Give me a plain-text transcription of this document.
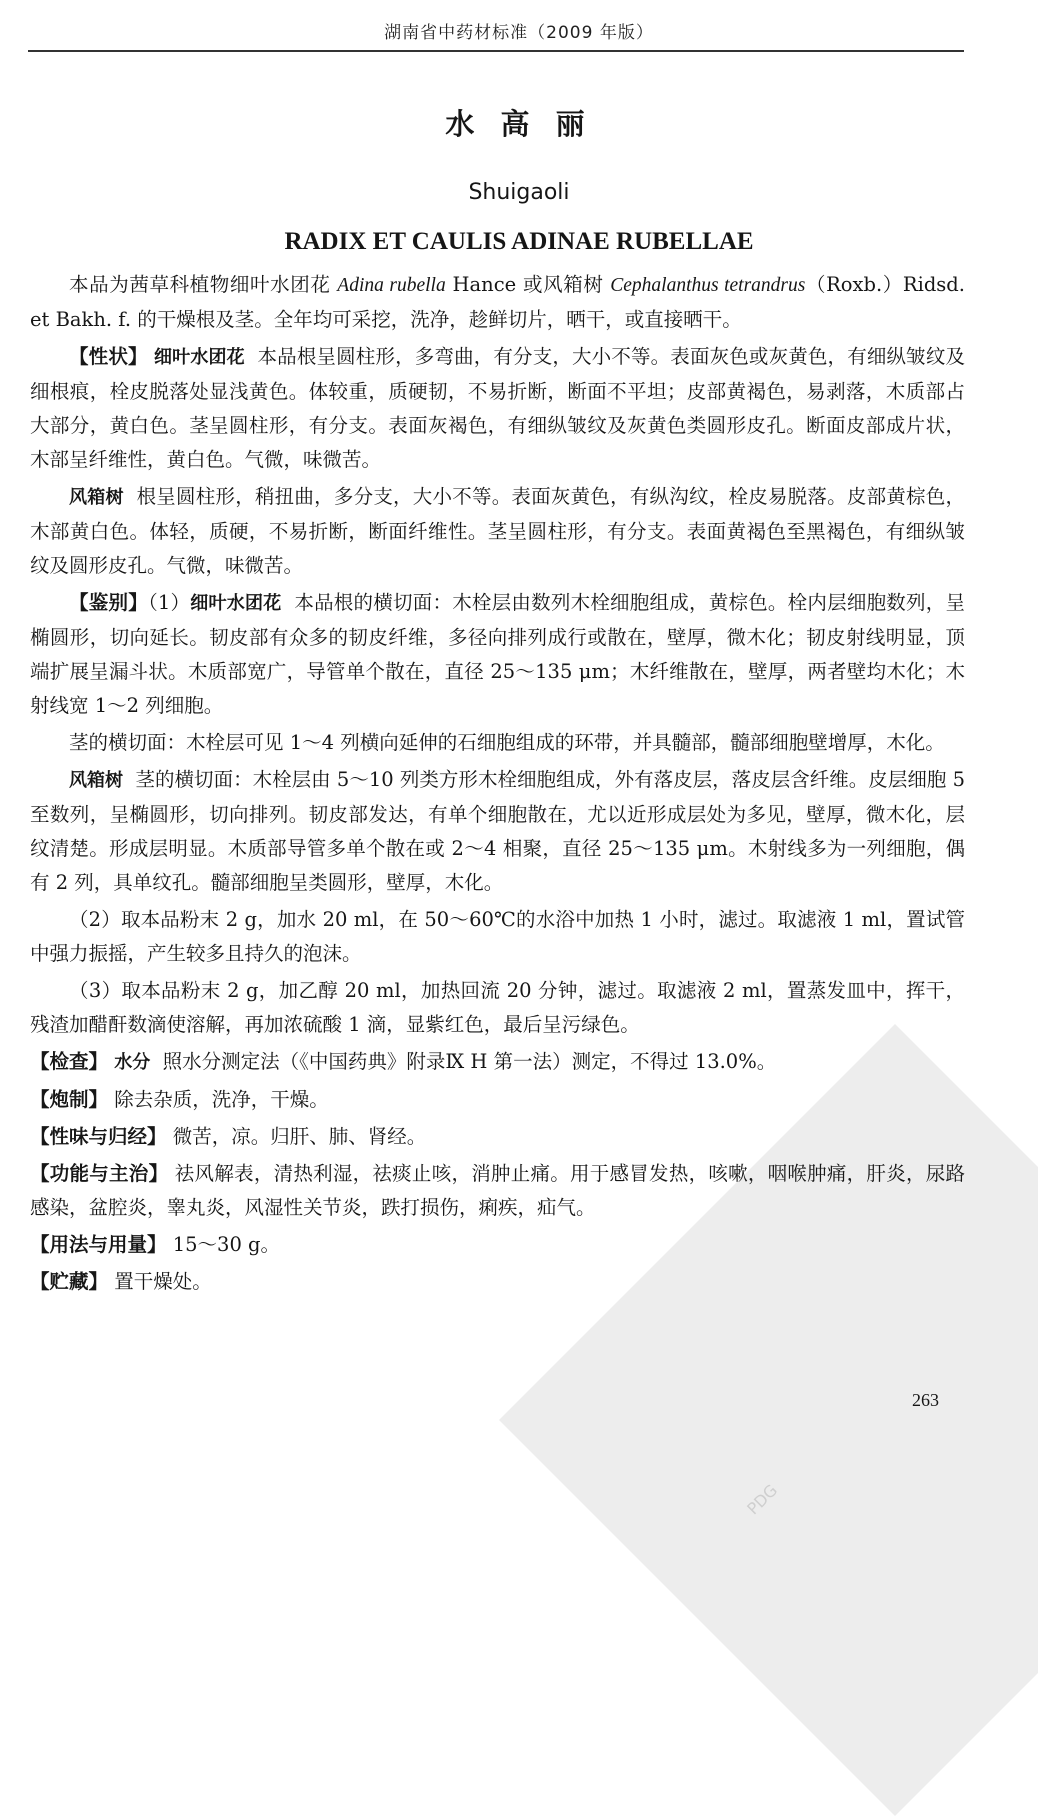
PDG
湖南省中药材标准（2009 年版）
水 高 丽
Shuigaoli
RADIX ET CAULIS ADINAE RUBELLAE

本品为茜草科植物细叶水团花 Adina rubella Hance 或风箱树 Cephalanthus tetrandrus（Roxb.）Ridsd. et Bakh. f. 的干燥根及茎。全年均可采挖，洗净，趁鲜切片，晒干，或直接晒干。

【性状】 细叶水团花 本品根呈圆柱形，多弯曲，有分支，大小不等。表面灰色或灰黄色，有细纵皱纹及细根痕，栓皮脱落处显浅黄色。体较重，质硬韧，不易折断，断面不平坦；皮部黄褐色，易剥落，木质部占大部分，黄白色。茎呈圆柱形，有分支。表面灰褐色，有细纵皱纹及灰黄色类圆形皮孔。断面皮部成片状，木部呈纤维性，黄白色。气微，味微苦。

风箱树 根呈圆柱形，稍扭曲，多分支，大小不等。表面灰黄色，有纵沟纹，栓皮易脱落。皮部黄棕色，木部黄白色。体轻，质硬，不易折断，断面纤维性。茎呈圆柱形，有分支。表面黄褐色至黑褐色，有细纵皱纹及圆形皮孔。气微，味微苦。

【鉴别】（1）细叶水团花 本品根的横切面：木栓层由数列木栓细胞组成，黄棕色。栓内层细胞数列，呈椭圆形，切向延长。韧皮部有众多的韧皮纤维，多径向排列成行或散在，壁厚，微木化；韧皮射线明显，顶端扩展呈漏斗状。木质部宽广，导管单个散在，直径 25～135 μm；木纤维散在，壁厚，两者壁均木化；木射线宽 1～2 列细胞。

茎的横切面：木栓层可见 1～4 列横向延伸的石细胞组成的环带，并具髓部，髓部细胞壁增厚，木化。

风箱树 茎的横切面：木栓层由 5～10 列类方形木栓细胞组成，外有落皮层，落皮层含纤维。皮层细胞 5 至数列，呈椭圆形，切向排列。韧皮部发达，有单个细胞散在，尤以近形成层处为多见，壁厚，微木化，层纹清楚。形成层明显。木质部导管多单个散在或 2～4 相聚，直径 25～135 μm。木射线多为一列细胞，偶有 2 列，具单纹孔。髓部细胞呈类圆形，壁厚，木化。

（2）取本品粉末 2 g，加水 20 ml，在 50～60℃的水浴中加热 1 小时，滤过。取滤液 1 ml，置试管中强力振摇，产生较多且持久的泡沫。

（3）取本品粉末 2 g，加乙醇 20 ml，加热回流 20 分钟，滤过。取滤液 2 ml，置蒸发皿中，挥干，残渣加醋酐数滴使溶解，再加浓硫酸 1 滴，显紫红色，最后呈污绿色。

【检查】 水分 照水分测定法（《中国药典》附录Ⅸ H 第一法）测定，不得过 13.0%。

【炮制】 除去杂质，洗净，干燥。

【性味与归经】 微苦，凉。归肝、肺、肾经。

【功能与主治】 祛风解表，清热利湿，祛痰止咳，消肿止痛。用于感冒发热，咳嗽，咽喉肿痛，肝炎，尿路感染，盆腔炎，睾丸炎，风湿性关节炎，跌打损伤，痢疾，疝气。

【用法与用量】 15～30 g。

【贮藏】 置干燥处。

263
